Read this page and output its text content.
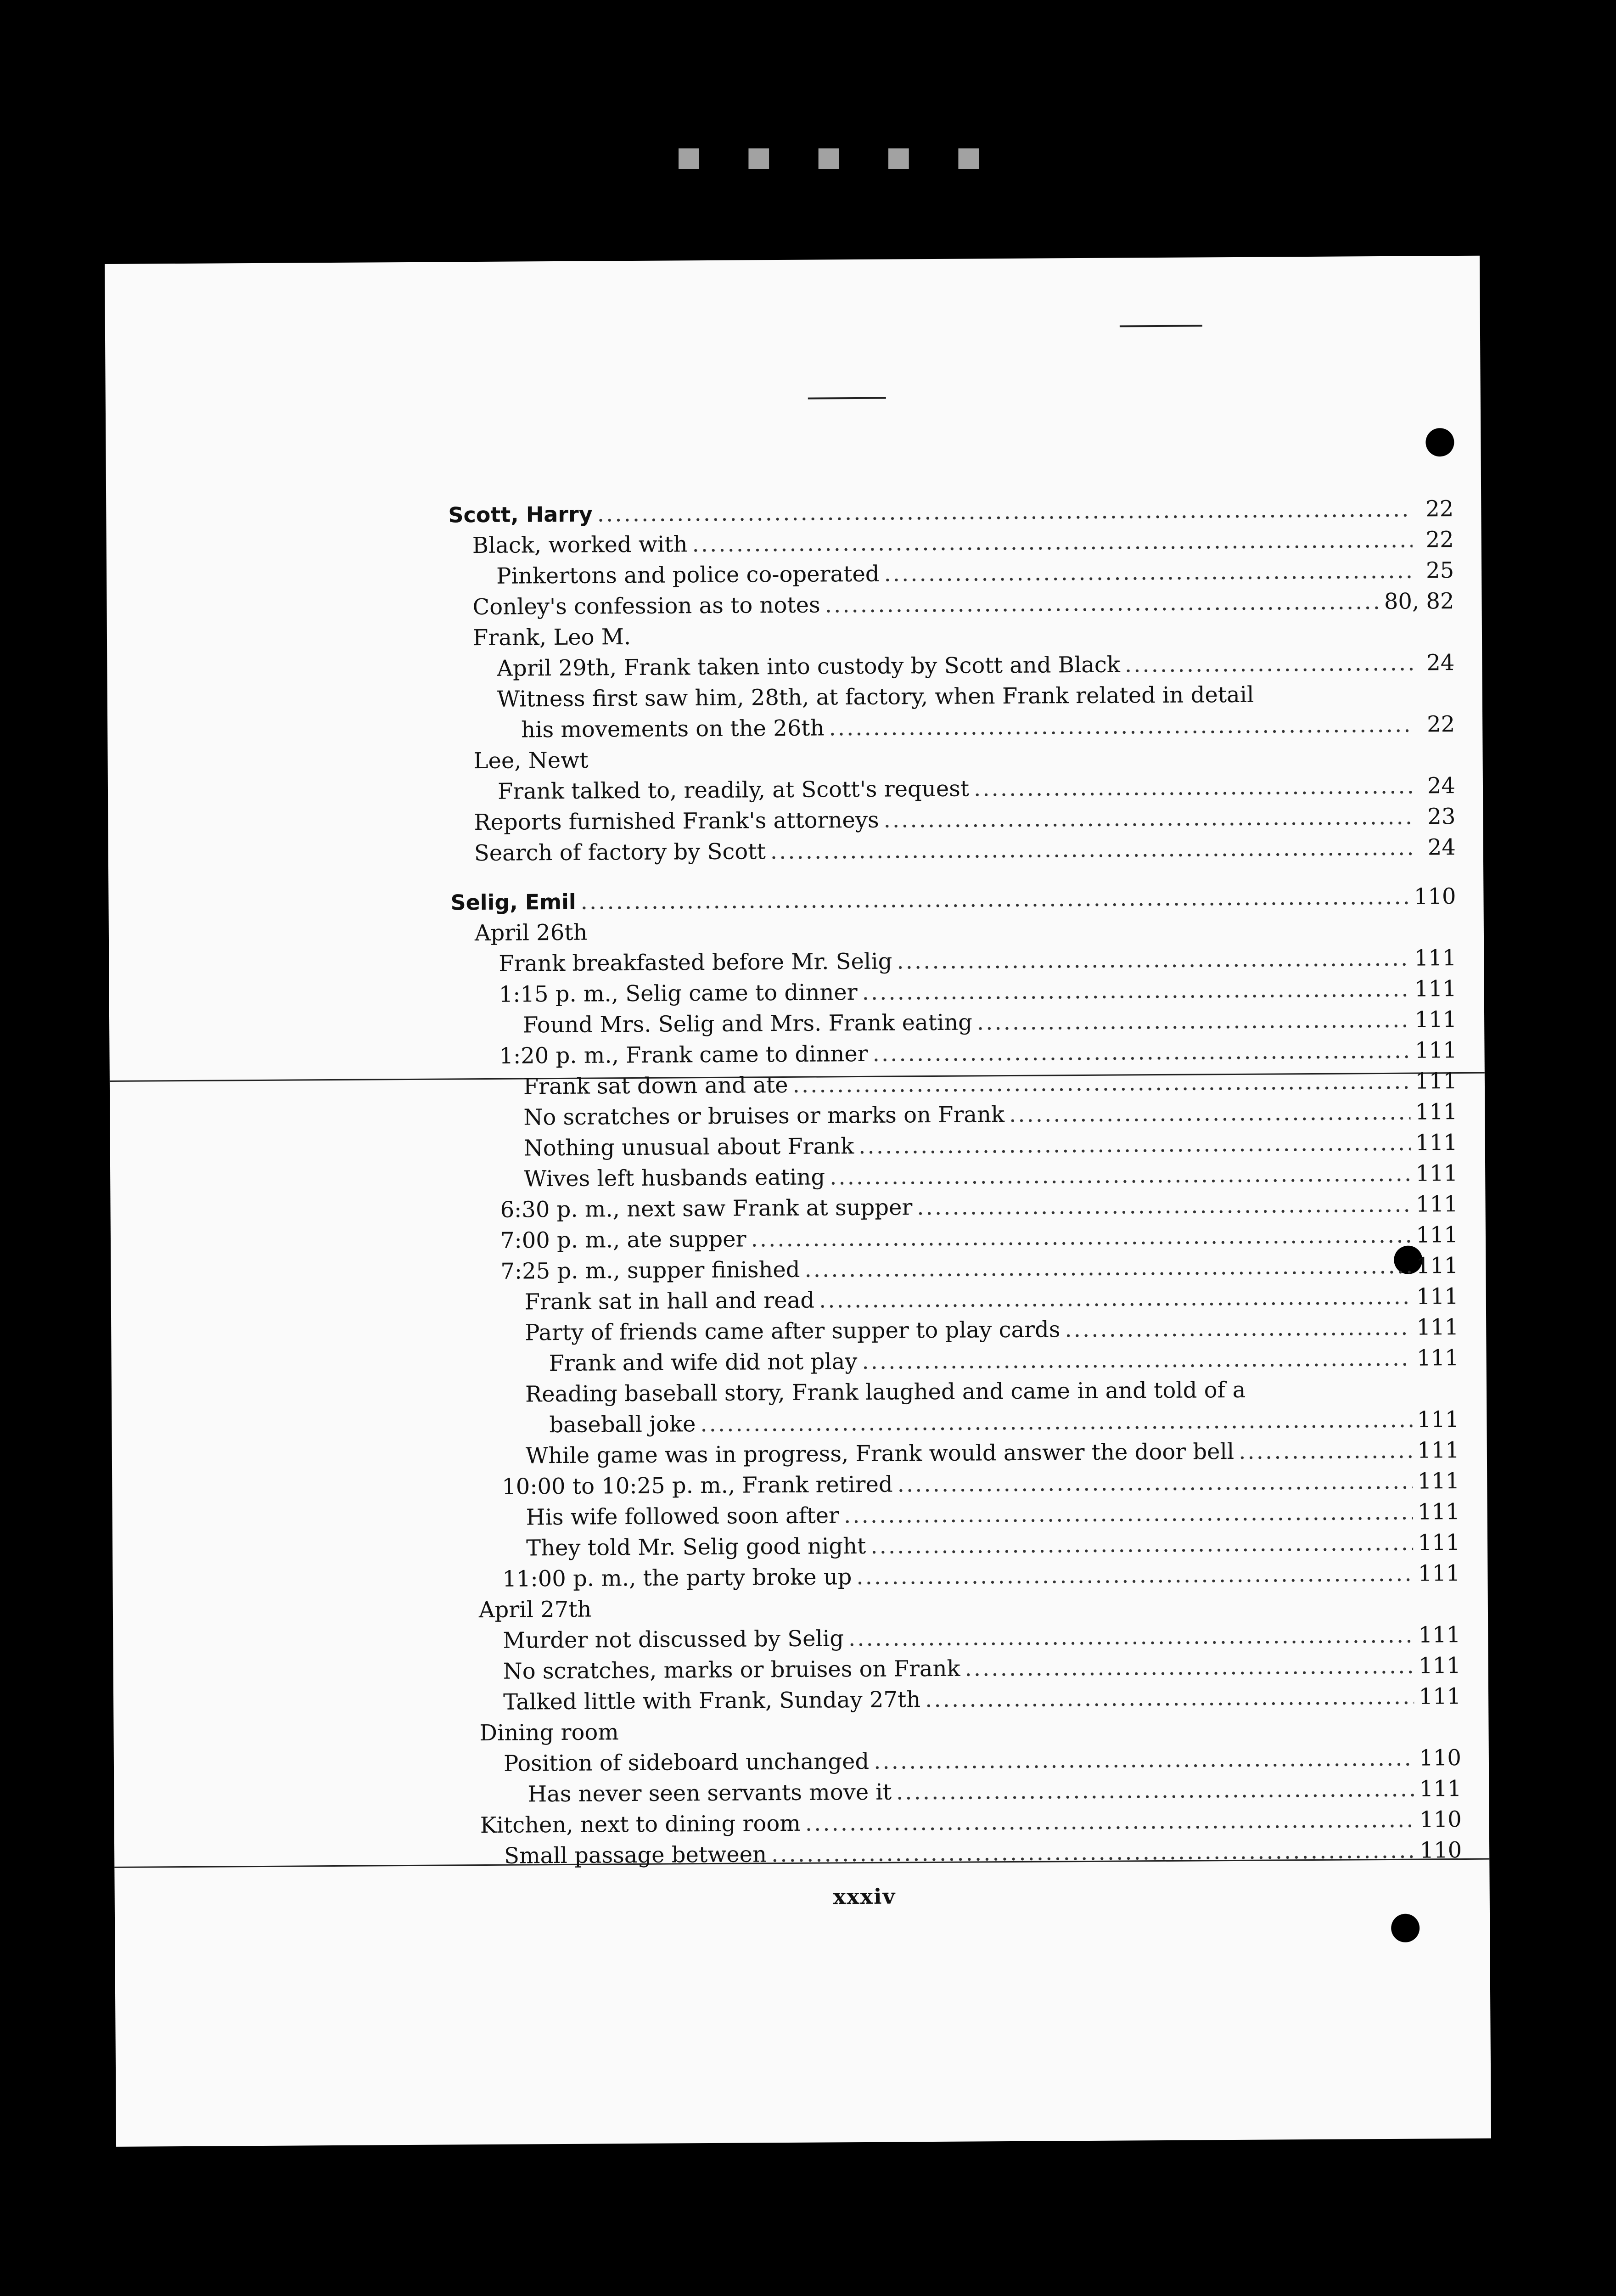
▪ ▪ ▪ ▪ ▪
Scott, Harry .....	22
Black, worked with .....	22
Pinkertons and police co-operated .....	25
Conley's confession as to notes .....	80, 82
Frank, Leo M.
April 29th, Frank taken into custody by Scott and Black .....	24
Witness first saw him, 28th, at factory, when Frank related in detail
his movements on the 26th .....	22
Lee, Newt
Frank talked to, readily, at Scott's request .....	24
Reports furnished Frank's attorneys .....	23
Search of factory by Scott .....	24
Selig, Emil .....	110
April 26th
Frank breakfasted before Mr. Selig .....	111
1:15 p. m., Selig came to dinner .....	111
Found Mrs. Selig and Mrs. Frank eating .....	111
1:20 p. m., Frank came to dinner .....	111
Frank sat down and ate .....	111
No scratches or bruises or marks on Frank .....	111
Nothing unusual about Frank .....	111
Wives left husbands eating .....	111
6:30 p. m., next saw Frank at supper .....	111
7:00 p. m., ate supper .....	111
7:25 p. m., supper finished .....	111
Frank sat in hall and read .....	111
Party of friends came after supper to play cards .....	111
Frank and wife did not play .....	111
Reading baseball story, Frank laughed and came in and told of a
baseball joke .....	111
While game was in progress, Frank would answer the door bell .....	111
10:00 to 10:25 p. m., Frank retired .....	111
His wife followed soon after .....	111
They told Mr. Selig good night .....	111
11:00 p. m., the party broke up .....	111
April 27th
Murder not discussed by Selig .....	111
No scratches, marks or bruises on Frank .....	111
Talked little with Frank, Sunday 27th .....	111
Dining room
Position of sideboard unchanged .....	110
Has never seen servants move it .....	111
Kitchen, next to dining room .....	110
Small passage between .....	110
xxxiv
